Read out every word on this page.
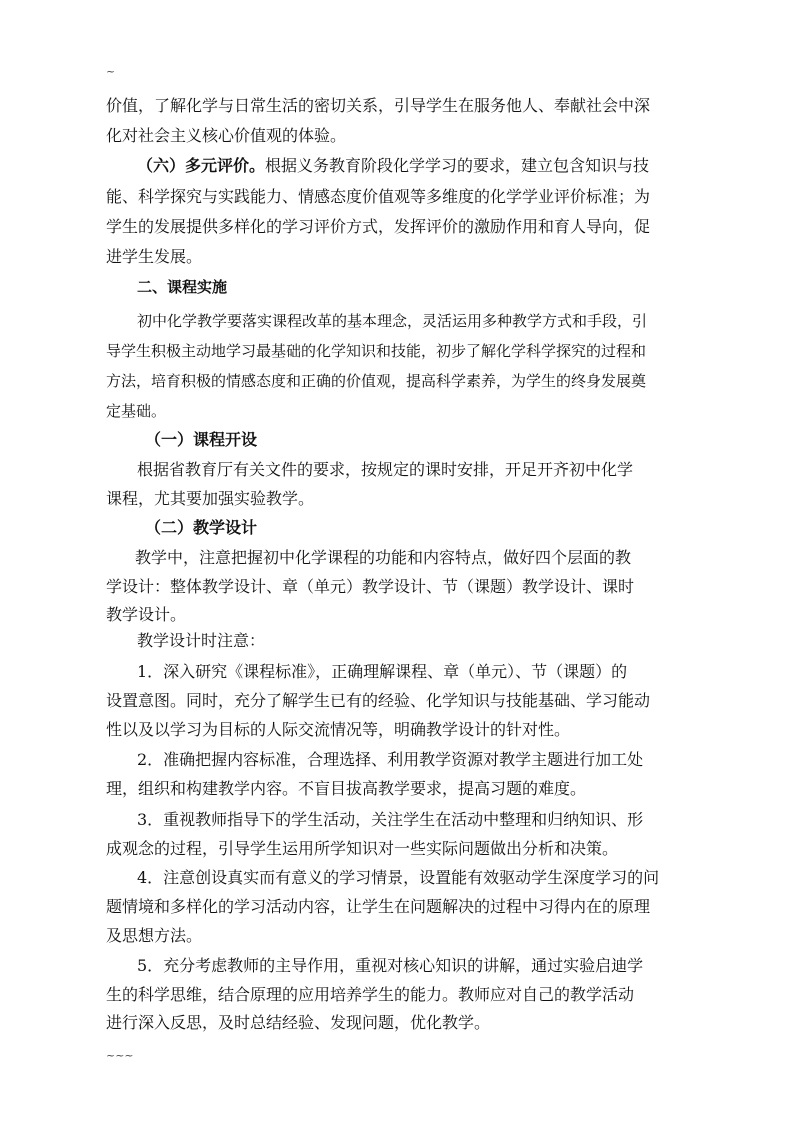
~
价值，了解化学与日常生活的密切关系，引导学生在服务他人、奉献社会中深
化对社会主义核心价值观的体验。
（六）多元评价。根据义务教育阶段化学学习的要求，建立包含知识与技
能、科学探究与实践能力、情感态度价值观等多维度的化学学业评价标准；为
学生的发展提供多样化的学习评价方式，发挥评价的激励作用和育人导向，促
进学生发展。
二、课程实施
初中化学教学要落实课程改革的基本理念，灵活运用多种教学方式和手段，引
导学生积极主动地学习最基础的化学知识和技能，初步了解化学科学探究的过程和
方法，培育积极的情感态度和正确的价值观，提高科学素养，为学生的终身发展奠
定基础。
（一）课程开设
根据省教育厅有关文件的要求，按规定的课时安排，开足开齐初中化学
课程，尤其要加强实验教学。
（二）教学设计
教学中，注意把握初中化学课程的功能和内容特点，做好四个层面的教
学设计：整体教学设计、章（单元）教学设计、节（课题）教学设计、课时
教学设计。
教学设计时注意：
1．深入研究《课程标准》，正确理解课程、章（单元）、节（课题）的
设置意图。同时，充分了解学生已有的经验、化学知识与技能基础、学习能动
性以及以学习为目标的人际交流情况等，明确教学设计的针对性。
2．准确把握内容标准，合理选择、利用教学资源对教学主题进行加工处
理，组织和构建教学内容。不盲目拔高教学要求，提高习题的难度。
3．重视教师指导下的学生活动，关注学生在活动中整理和归纳知识、形
成观念的过程，引导学生运用所学知识对一些实际问题做出分析和决策。
4．注意创设真实而有意义的学习情景，设置能有效驱动学生深度学习的问
题情境和多样化的学习活动内容，让学生在问题解决的过程中习得内在的原理
及思想方法。
5．充分考虑教师的主导作用，重视对核心知识的讲解，通过实验启迪学
生的科学思维，结合原理的应用培养学生的能力。教师应对自己的教学活动
进行深入反思，及时总结经验、发现问题，优化教学。
~~~
